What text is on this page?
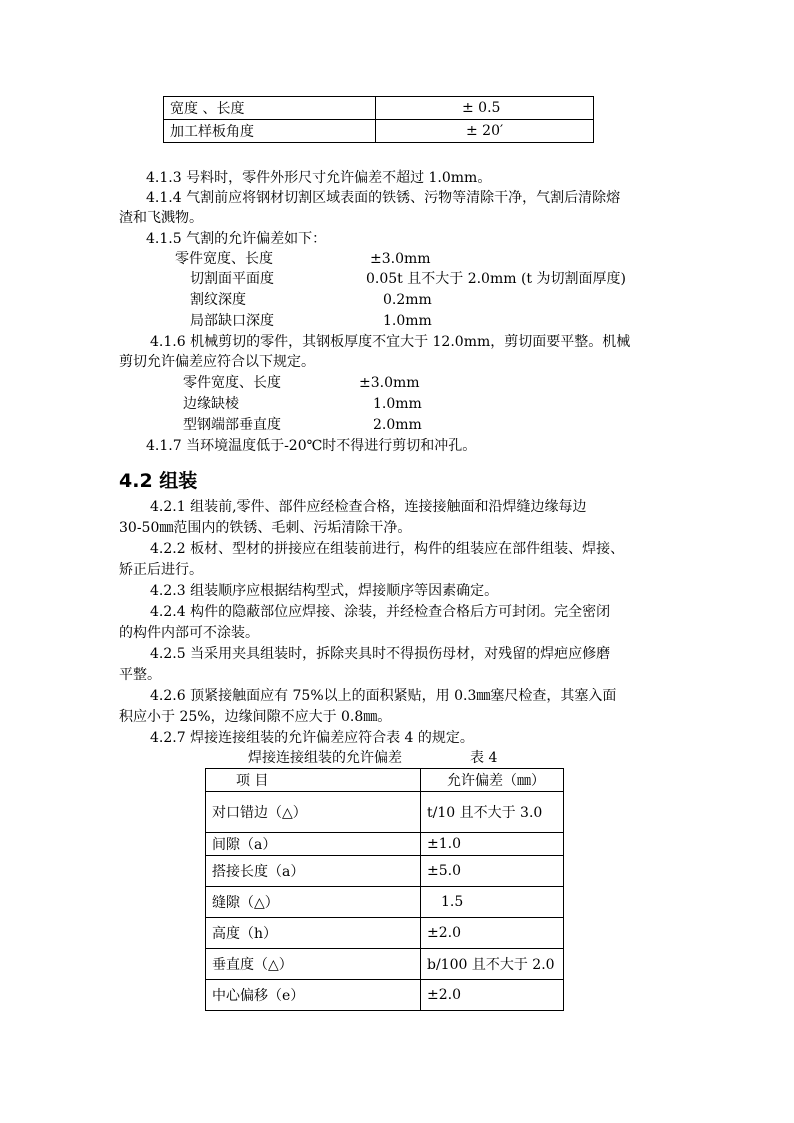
宽度 、长度	± 0.5
加工样板角度	± 20′
4.1.3 号料时，零件外形尺寸允许偏差不超过 1.0mm。
4.1.4 气割前应将钢材切割区域表面的铁锈、污物等清除干净，气割后清除熔
渣和飞溅物。
4.1.5 气割的允许偏差如下：
零件宽度、长度	±3.0mm
切割面平面度	0.05t 且不大于 2.0mm (t 为切割面厚度)
割纹深度	0.2mm
局部缺口深度	1.0mm
4.1.6 机械剪切的零件，其钢板厚度不宜大于 12.0mm，剪切面要平整。机械
剪切允许偏差应符合以下规定。
零件宽度、长度	±3.0mm
边缘缺棱	1.0mm
型钢端部垂直度	2.0mm
4.1.7 当环境温度低于-20℃时不得进行剪切和冲孔。
4.2 组装
4.2.1 组装前,零件、部件应经检查合格，连接接触面和沿焊缝边缘每边
30-50㎜范围内的铁锈、毛刺、污垢清除干净。
4.2.2 板材、型材的拼接应在组装前进行，构件的组装应在部件组装、焊接、
矫正后进行。
4.2.3 组装顺序应根据结构型式，焊接顺序等因素确定。
4.2.4 构件的隐蔽部位应焊接、涂装，并经检查合格后方可封闭。完全密闭
的构件内部可不涂装。
4.2.5 当采用夹具组装时，拆除夹具时不得损伤母材，对残留的焊疤应修磨
平整。
4.2.6 顶紧接触面应有 75%以上的面积紧贴，用 0.3㎜塞尺检查，其塞入面
积应小于 25%，边缘间隙不应大于 0.8㎜。
4.2.7 焊接连接组装的允许偏差应符合表 4 的规定。
焊接连接组装的允许偏差	表 4
项 目	允许偏差（㎜）
对口错边（△）	t/10 且不大于 3.0
间隙（a）	±1.0
搭接长度（a）	±5.0
缝隙（△）	1.5
高度（h）	±2.0
垂直度（△）	b/100 且不大于 2.0
中心偏移（e）	±2.0
